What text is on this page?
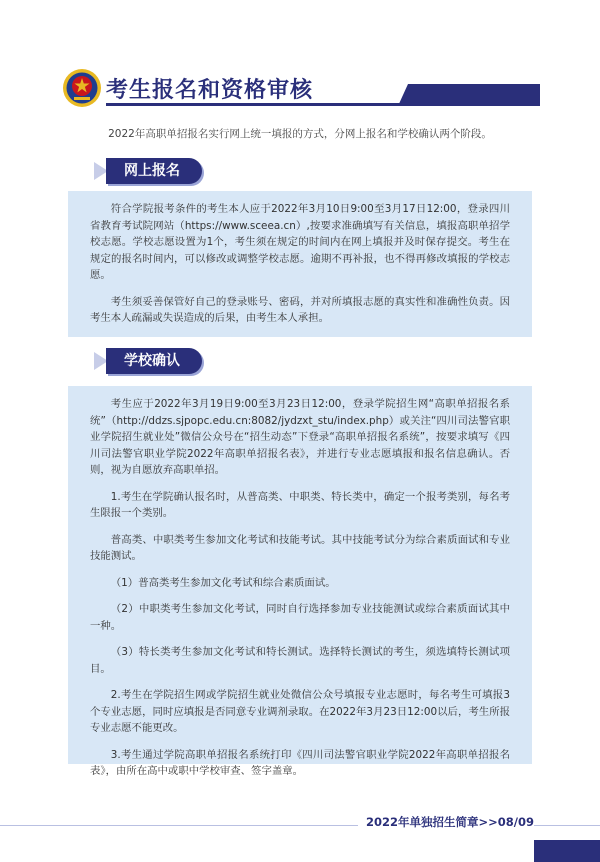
考生报名和资格审核
2022年高职单招报名实行网上统一填报的方式，分网上报名和学校确认两个阶段。
网上报名

符合学院报考条件的考生本人应于2022年3月10日9:00至3月17日12:00，登录四川省教育考试院网站（https://www.sceea.cn）,按要求准确填写有关信息，填报高职单招学校志愿。学校志愿设置为1个，考生须在规定的时间内在网上填报并及时保存提交。考生在规定的报名时间内，可以修改或调整学校志愿。逾期不再补报，也不得再修改填报的学校志愿。

考生须妥善保管好自己的登录账号、密码，并对所填报志愿的真实性和准确性负责。因考生本人疏漏或失误造成的后果，由考生本人承担。

学校确认

考生应于2022年3月19日9:00至3月23日12:00，登录学院招生网“高职单招报名系统”（http://ddzs.sjpopc.edu.cn:8082/jydzxt_stu/index.php）或关注“四川司法警官职业学院招生就业处”微信公众号在“招生动态”下登录“高职单招报名系统”，按要求填写《四川司法警官职业学院2022年高职单招报名表》，并进行专业志愿填报和报名信息确认。否则，视为自愿放弃高职单招。

1.考生在学院确认报名时，从普高类、中职类、特长类中，确定一个报考类别，每名考生限报一个类别。

普高类、中职类考生参加文化考试和技能考试。其中技能考试分为综合素质面试和专业技能测试。

（1）普高类考生参加文化考试和综合素质面试。

（2）中职类考生参加文化考试，同时自行选择参加专业技能测试或综合素质面试其中一种。

（3）特长类考生参加文化考试和特长测试。选择特长测试的考生，须选填特长测试项目。

2.考生在学院招生网或学院招生就业处微信公众号填报专业志愿时，每名考生可填报3个专业志愿，同时应填报是否同意专业调剂录取。在2022年3月23日12:00以后，考生所报专业志愿不能更改。

3.考生通过学院高职单招报名系统打印《四川司法警官职业学院2022年高职单招报名表》，由所在高中或职中学校审查、签字盖章。

2022年单独招生简章>>08/09
